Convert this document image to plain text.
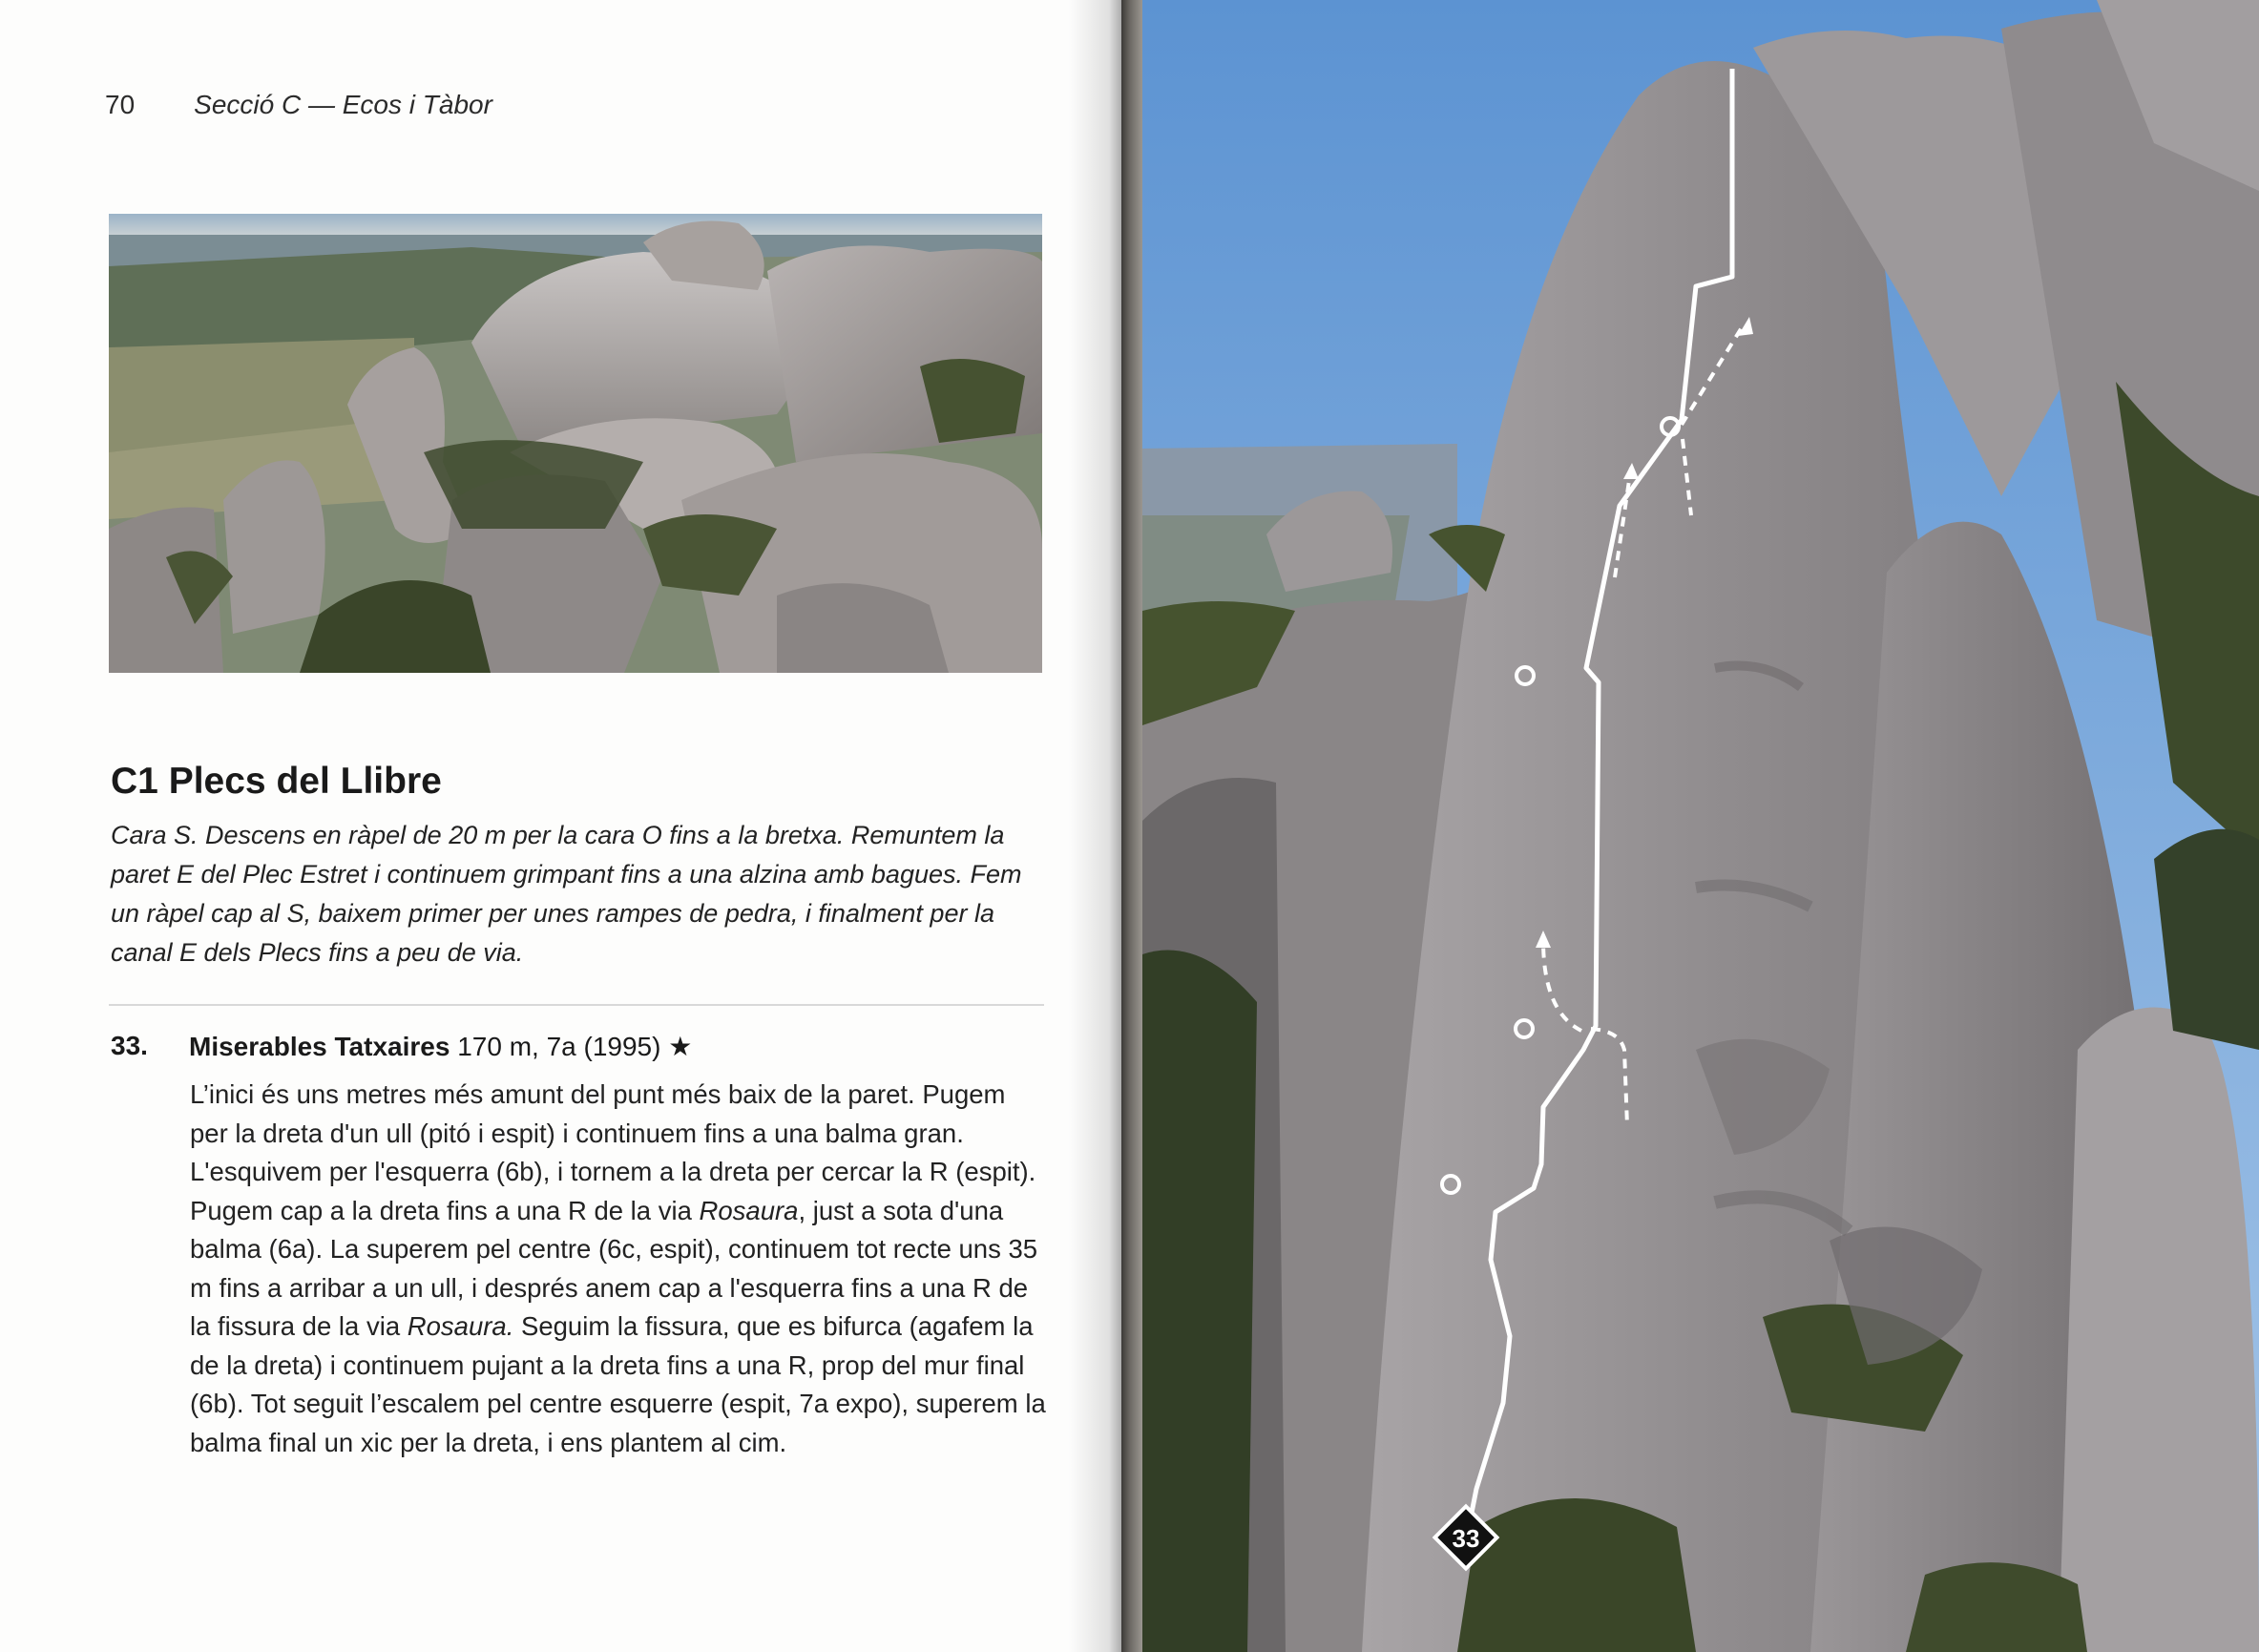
70 Secció C — Ecos i Tàbor
C1 Plecs del Llibre

Cara S. Descens en ràpel de 20 m per la cara O fins a la bretxa. Remuntem la paret E del Plec Estret i continuem grimpant fins a una alzina amb bagues. Fem un ràpel cap al S, baixem primer per unes rampes de pedra, i finalment per la canal E dels Plecs fins a peu de via.

33. Miserables Tatxaires 170 m, 7a (1995) ★

L’inici és uns metres més amunt del punt més baix de la paret. Pugem per la dreta d'un ull (pitó i espit) i continuem fins a una balma gran. L'esquivem per l'esquerra (6b), i tornem a la dreta per cercar la R (espit). Pugem cap a la dreta fins a una R de la via Rosaura, just a sota d'una balma (6a). La superem pel centre (6c, espit), continuem tot recte uns 35 m fins a arribar a un ull, i després anem cap a l'esquerra fins a una R de la fissura de la via Rosaura. Seguim la fissura, que es bifurca (agafem la de la dreta) i continuem pujant a la dreta fins a una R, prop del mur final (6b). Tot seguit l’escalem pel centre esquerre (espit, 7a expo), superem la balma final un xic per la dreta, i ens plantem al cim.

33
